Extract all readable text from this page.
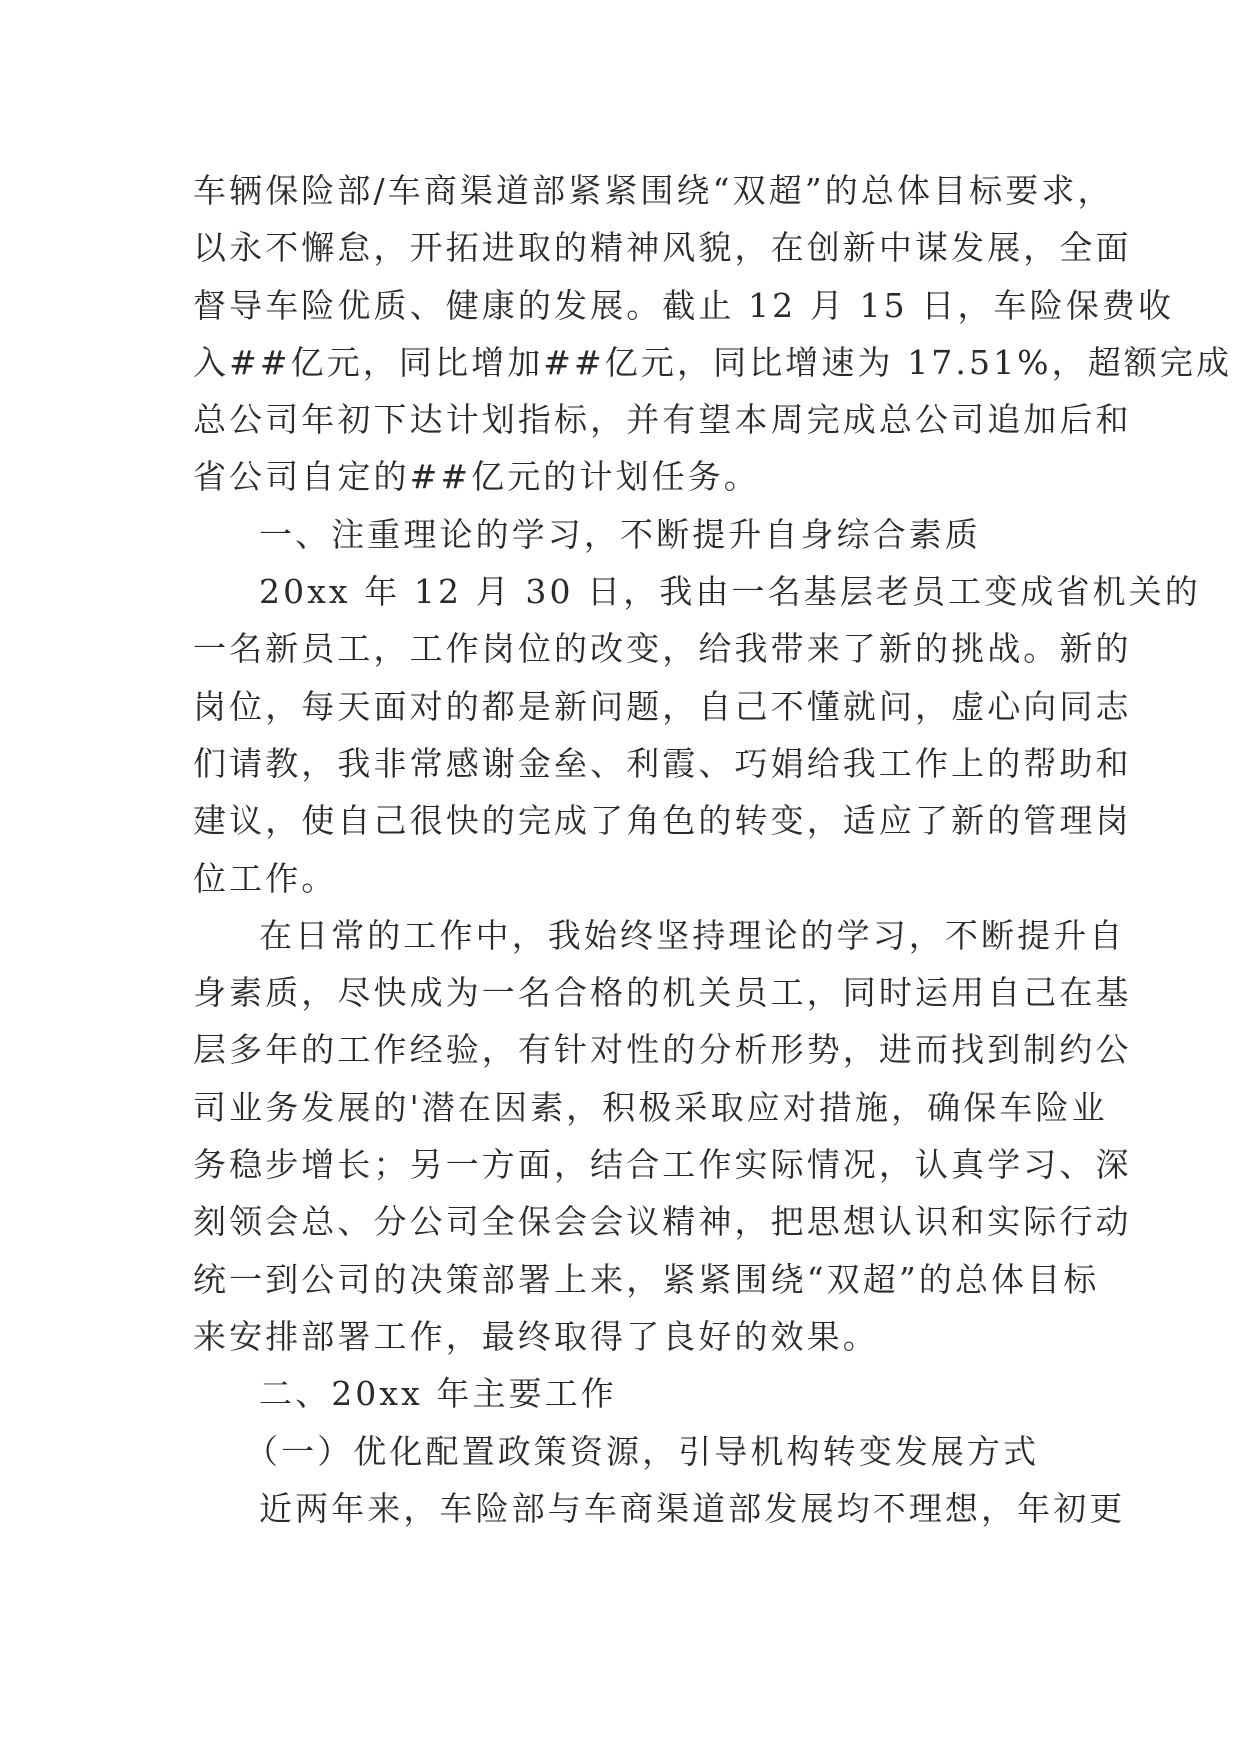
车辆保险部/车商渠道部紧紧围绕“双超”的总体目标要求，
以永不懈怠，开拓进取的精神风貌，在创新中谋发展，全面
督导车险优质、健康的发展。截止 12 月 15 日，车险保费收
入##亿元，同比增加##亿元，同比增速为 17.51%，超额完成
总公司年初下达计划指标，并有望本周完成总公司追加后和
省公司自定的##亿元的计划任务。
一、注重理论的学习，不断提升自身综合素质
20xx 年 12 月 30 日，我由一名基层老员工变成省机关的
一名新员工，工作岗位的改变，给我带来了新的挑战。新的
岗位，每天面对的都是新问题，自己不懂就问，虚心向同志
们请教，我非常感谢金垒、利霞、巧娟给我工作上的帮助和
建议，使自己很快的完成了角色的转变，适应了新的管理岗
位工作。
在日常的工作中，我始终坚持理论的学习，不断提升自
身素质，尽快成为一名合格的机关员工，同时运用自己在基
层多年的工作经验，有针对性的分析形势，进而找到制约公
司业务发展的'潜在因素，积极采取应对措施，确保车险业
务稳步增长；另一方面，结合工作实际情况，认真学习、深
刻领会总、分公司全保会会议精神，把思想认识和实际行动
统一到公司的决策部署上来，紧紧围绕“双超”的总体目标
来安排部署工作，最终取得了良好的效果。
二、20xx 年主要工作
（一）优化配置政策资源，引导机构转变发展方式
近两年来，车险部与车商渠道部发展均不理想，年初更
